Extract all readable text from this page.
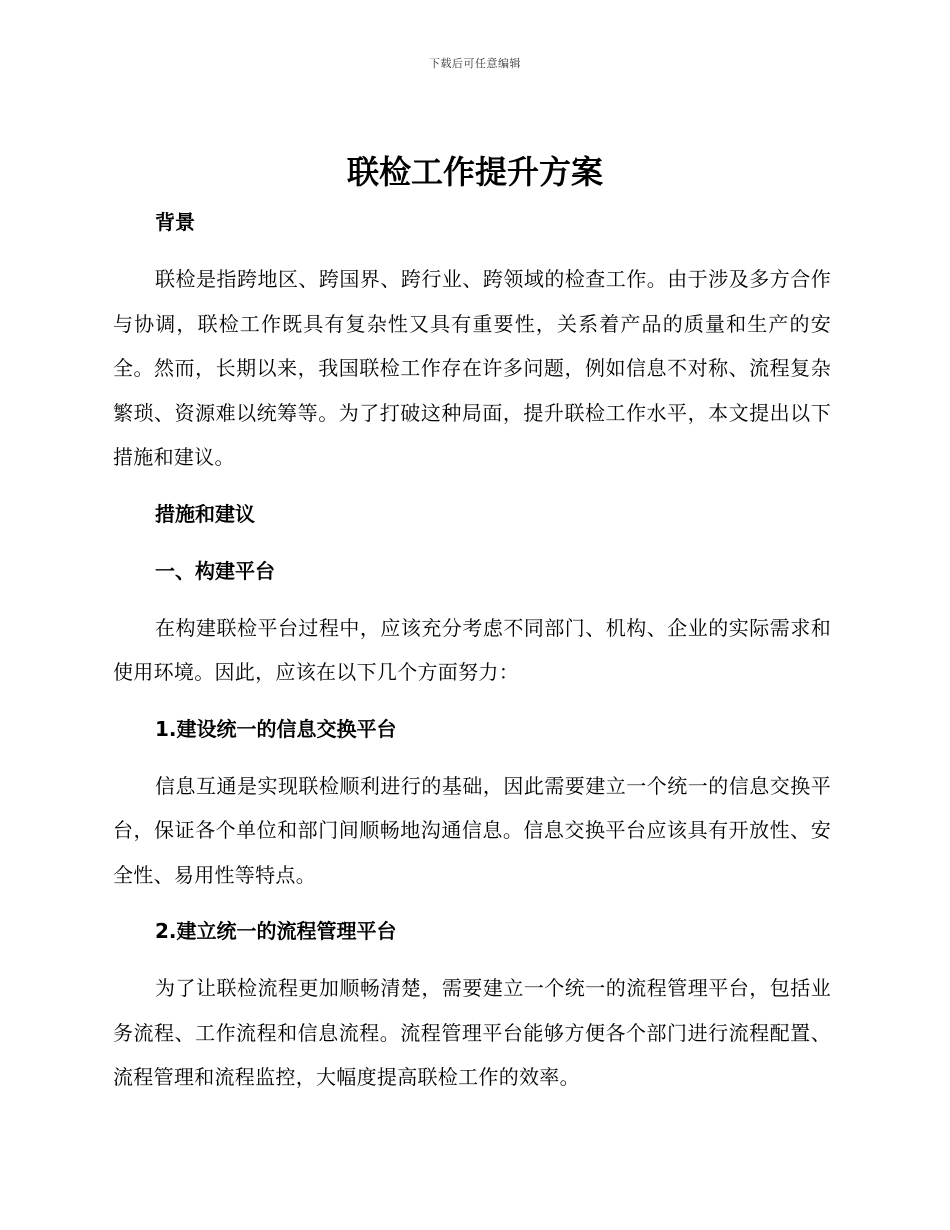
下载后可任意编辑
联检工作提升方案

背景

联检是指跨地区、跨国界、跨行业、跨领域的检查工作。由于涉及多方合作与协调，联检工作既具有复杂性又具有重要性，关系着产品的质量和生产的安全。然而，长期以来，我国联检工作存在许多问题，例如信息不对称、流程复杂繁琐、资源难以统筹等。为了打破这种局面，提升联检工作水平，本文提出以下措施和建议。

措施和建议

一、构建平台

在构建联检平台过程中，应该充分考虑不同部门、机构、企业的实际需求和使用环境。因此，应该在以下几个方面努力：

1.建设统一的信息交换平台

信息互通是实现联检顺利进行的基础，因此需要建立一个统一的信息交换平台，保证各个单位和部门间顺畅地沟通信息。信息交换平台应该具有开放性、安全性、易用性等特点。

2.建立统一的流程管理平台

为了让联检流程更加顺畅清楚，需要建立一个统一的流程管理平台，包括业务流程、工作流程和信息流程。流程管理平台能够方便各个部门进行流程配置、流程管理和流程监控，大幅度提高联检工作的效率。
